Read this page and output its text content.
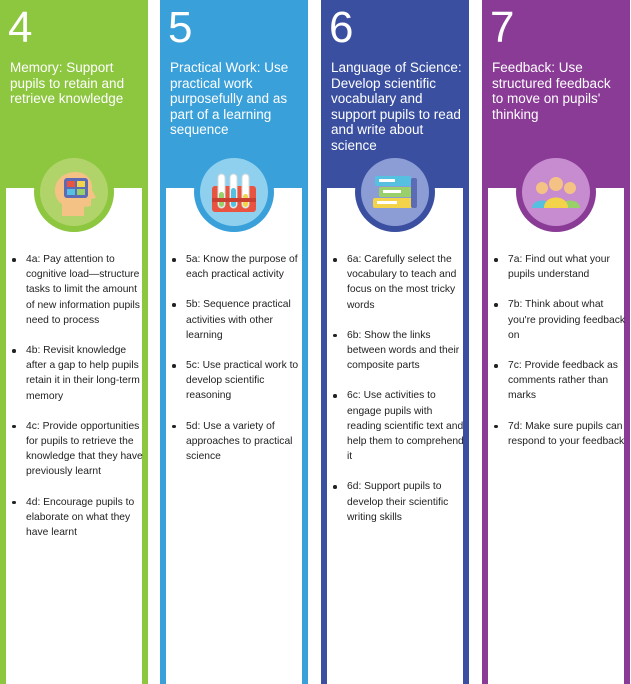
4
Memory: Support pupils to retain and retrieve knowledge
4a: Pay attention to cognitive load—structure tasks to limit the amount of new information pupils need to process
4b: Revisit knowledge after a gap to help pupils retain it in their long-term memory
4c: Provide opportunities for pupils to retrieve the knowledge that they have previously learnt
4d: Encourage pupils to elaborate on what they have learnt
5
Practical Work: Use practical work purposefully and as part of a learning sequence
5a: Know the purpose of each practical activity
5b: Sequence practical activities with other learning
5c: Use practical work to develop scientific reasoning
5d: Use a variety of approaches to practical science
6
Language of Science: Develop scientific vocabulary and support pupils to read and write about science
6a: Carefully select the vocabulary to teach and focus on the most tricky words
6b: Show the links between words and their composite parts
6c: Use activities to engage pupils with reading scientific text and help them to comprehend it
6d: Support pupils to develop their scientific writing skills
7
Feedback: Use structured feedback to move on pupils' thinking
7a: Find out what your pupils understand
7b: Think about what you're providing feedback on
7c: Provide feedback as comments rather than marks
7d: Make sure pupils can respond to your feedback
